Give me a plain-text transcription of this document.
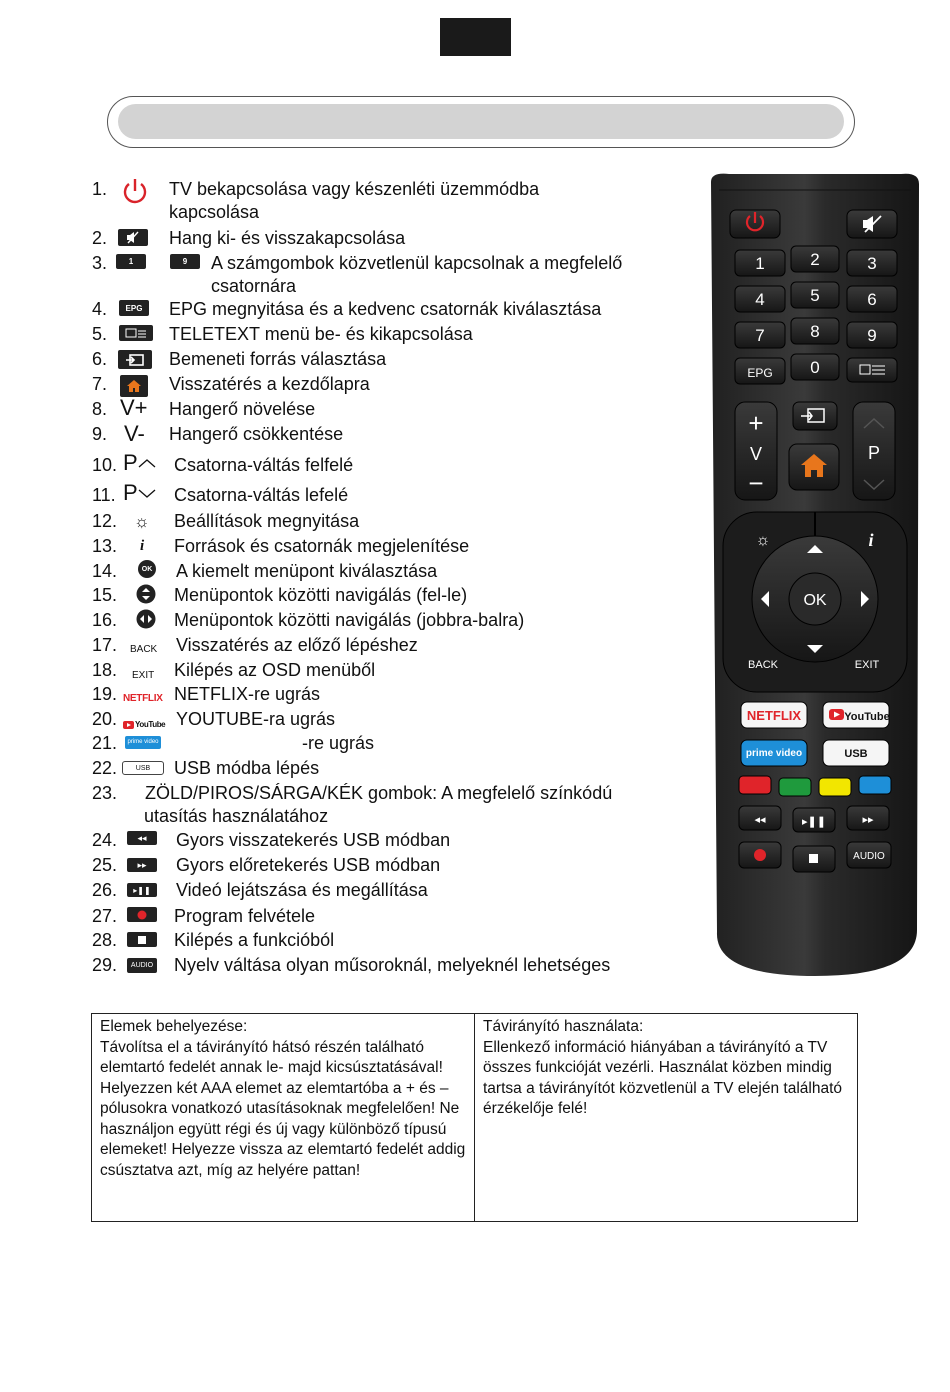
1.	TV bekapcsolása vagy készenléti üzemmódba
kapcsolása
2.	Hang ki- és visszakapcsolása
3.	1	9	A számgombok közvetlenül kapcsolnak a megfelelő
csatornára
4.	EPG	EPG megnyitása és a kedvenc csatornák kiválasztása
5.	TELETEXT menü be- és kikapcsolása
6.	Bemeneti forrás választása
7.	Visszatérés a kezdőlapra
8. V+ Hangerő növelése
9. V- Hangerő csökkentése
10. P Csatorna-váltás felfelé
11. P Csatorna-váltás lefelé
12. ☼ Beállítások megnyitása
13. i Források és csatornák megjelenítése
14.	OK A kiemelt menüpont kiválasztása
15.	Menüpontok közötti navigálás (fel-le)
16.	Menüpontok közötti navigálás (jobbra-balra)
17. BACK Visszatérés az előző lépéshez
18. EXIT Kilépés az OSD menüből
19. NETFLIX NETFLIX-re ugrás
20. YouTube YOUTUBE-ra ugrás
21.	prime video	-re ugrás
22.	USB	USB módba lépés
23. ZÖLD/PIROS/SÁRGA/KÉK gombok: A megfelelő színkódú
utasítás használatához
24.	◂◂	Gyors visszatekerés USB módban
25.	▸▸	Gyors előretekerés USB módban
26.	▸❚❚	Videó lejátszása és megállítása
27.	Program felvétele
28.	Kilépés a funkcióból
29.	AUDIO Nyelv váltása olyan műsoroknál, melyeknél lehetséges
1	2	3
4	5	6
7	8	9
EPG 0
+
V
−
P
OK
☼	i
BACK	EXIT
NETFLIX	YouTube
prime video	USB
◂◂	▸❚❚	▸▸
AUDIO
Elemek behelyezése:
Távolítsa el a távirányító hátsó részén található elemtartó fedelét annak le- majd kicsúsztatásával! Helyezzen két AAA elemet az elemtartóba a + és – pólusokra vonatkozó utasításoknak megfelelően! Ne használjon együtt régi és új vagy különböző típusú elemeket! Helyezze vissza az elemtartó fedelét addig csúsztatva azt, míg az helyére pattan!
Távirányító használata:
Ellenkező információ hiányában a távirányító a TV összes funkcióját vezérli. Használat közben mindig tartsa a távirányítót közvetlenül a TV elején található érzékelője felé!
